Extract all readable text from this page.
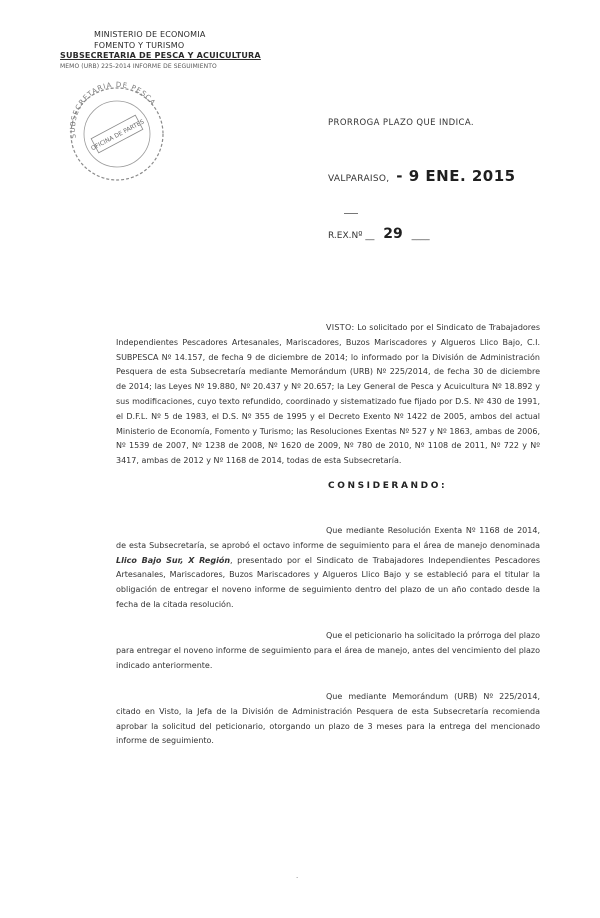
MINISTERIO DE ECONOMIA
FOMENTO Y TURISMO
SUBSECRETARIA DE PESCA Y ACUICULTURA
MEMO (URB) 225-2014 INFORME DE SEGUIMIENTO
SUBSECRETARIA DE PESCA
OFICINA DE PARTES	PRORROGA PLAZO QUE INDICA.
VALPARAISO, - 9 ENE. 2015
R.EX.Nº __ 29 ____
VISTO: Lo solicitado por el Sindicato de Trabajadores Independientes Pescadores Artesanales, Mariscadores, Buzos Mariscadores y Algueros Llico Bajo, C.I. SUBPESCA Nº 14.157, de fecha 9 de diciembre de 2014; lo informado por la División de Administración Pesquera de esta Subsecretaría mediante Memorándum (URB) Nº 225/2014, de fecha 30 de diciembre de 2014; las Leyes Nº 19.880, Nº 20.437 y Nº 20.657; la Ley General de Pesca y Acuicultura Nº 18.892 y sus modificaciones, cuyo texto refundido, coordinado y sistematizado fue fijado por D.S. Nº 430 de 1991, el D.F.L. Nº 5 de 1983, el D.S. Nº 355 de 1995 y el Decreto Exento Nº 1422 de 2005, ambos del actual Ministerio de Economía, Fomento y Turismo; las Resoluciones Exentas Nº 527 y Nº 1863, ambas de 2006, Nº 1539 de 2007, Nº 1238 de 2008, Nº 1620 de 2009, Nº 780 de 2010, Nº 1108 de 2011, Nº 722 y Nº 3417, ambas de 2012 y Nº 1168 de 2014, todas de esta Subsecretaría.
CONSIDERANDO:
Que mediante Resolución Exenta Nº 1168 de 2014, de esta Subsecretaría, se aprobó el octavo informe de seguimiento para el área de manejo denominada Llico Bajo Sur, X Región, presentado por el Sindicato de Trabajadores Independientes Pescadores Artesanales, Mariscadores, Buzos Mariscadores y Algueros Llico Bajo y se estableció para el titular la obligación de entregar el noveno informe de seguimiento dentro del plazo de un año contado desde la fecha de la citada resolución.
Que el peticionario ha solicitado la prórroga del plazo para entregar el noveno informe de seguimiento para el área de manejo, antes del vencimiento del plazo indicado anteriormente.
Que mediante Memorándum (URB) Nº 225/2014, citado en Visto, la Jefa de la División de Administración Pesquera de esta Subsecretaría recomienda aprobar la solicitud del peticionario, otorgando un plazo de 3 meses para la entrega del mencionado informe de seguimiento.
·
